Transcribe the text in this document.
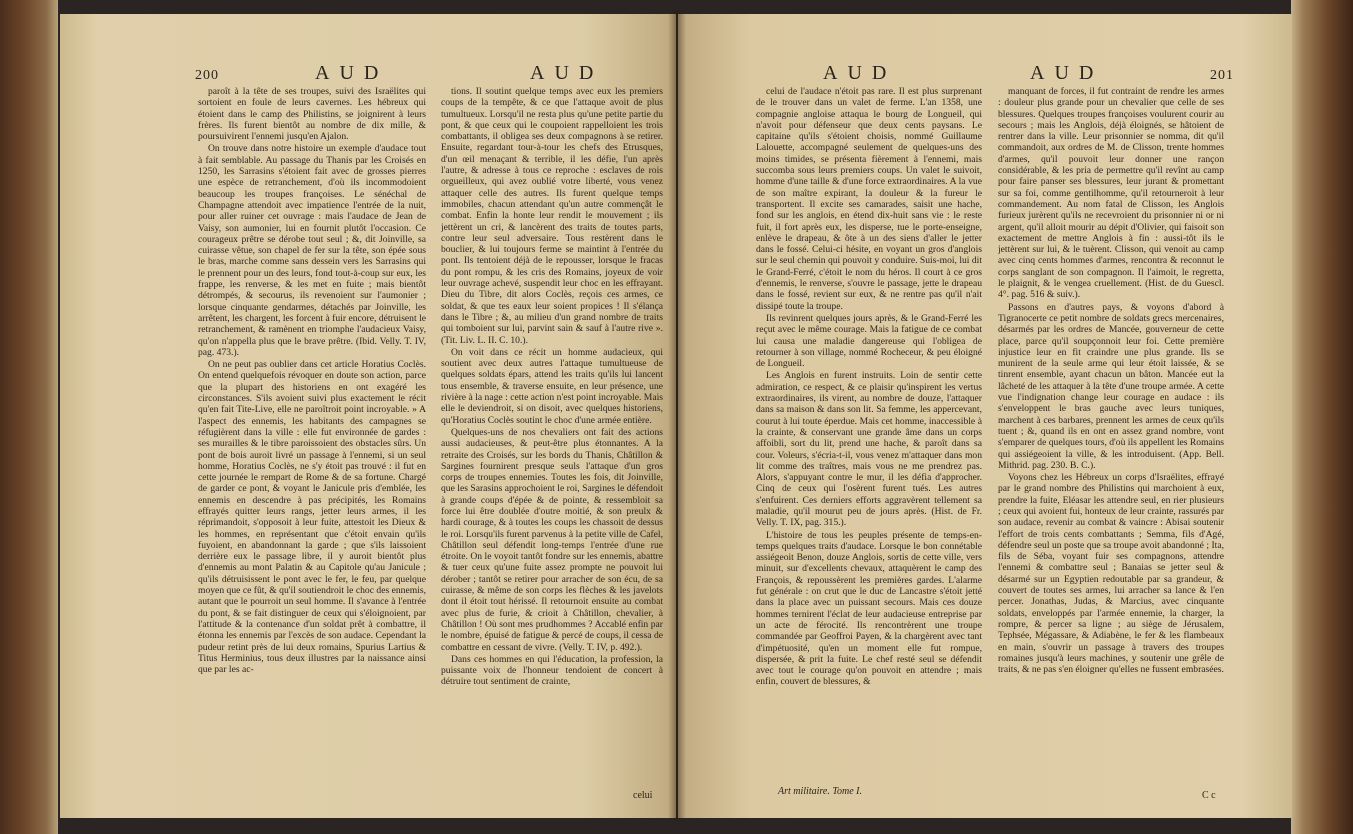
200	AUD	AUD

paroît à la tête de ses troupes, suivi des Israëlites qui sortoient en foule de leurs cavernes. Les hébreux qui étoient dans le camp des Philistins, se joignirent à leurs frères. Ils furent bientôt au nombre de dix mille, & poursuivirent l'ennemi jusqu'en Ajalon.

On trouve dans notre histoire un exemple d'audace tout à fait semblable. Au passage du Thanis par les Croisés en 1250, les Sarrasins s'étoient fait avec de grosses pierres une espèce de retranchement, d'où ils incommodoient beaucoup les troupes françoises. Le sénéchal de Champagne attendoit avec impatience l'entrée de la nuit, pour aller ruiner cet ouvrage : mais l'audace de Jean de Vaisy, son aumonier, lui en fournit plutôt l'occasion. Ce courageux prêtre se dérobe tout seul ; &, dit Joinville, sa cuirasse vêtue, son chapel de fer sur la tête, son épée sous le bras, marche comme sans dessein vers les Sarrasins qui le prennent pour un des leurs, fond tout-à-coup sur eux, les frappe, les renverse, & les met en fuite ; mais bientôt détrompés, & secourus, ils revenoient sur l'aumonier ; lorsque cinquante gendarmes, détachés par Joinville, les arrêtent, les chargent, les forcent à fuir encore, détruisent le retranchement, & ramènent en triomphe l'audacieux Vaisy, qu'on n'appella plus que le brave prêtre. (Ibid. Velly. T. IV, pag. 473.).

On ne peut pas oublier dans cet article Horatius Coclès. On entend quelquefois révoquer en doute son action, parce que la plupart des historiens en ont exagéré les circonstances. S'ils avoient suivi plus exactement le récit qu'en fait Tite-Live, elle ne paroîtroit point incroyable. » A l'aspect des ennemis, les habitants des campagnes se réfugièrent dans la ville : elle fut environnée de gardes : ses murailles & le tibre paroissoient des obstacles sûrs. Un pont de bois auroit livré un passage à l'ennemi, si un seul homme, Horatius Coclès, ne s'y étoit pas trouvé : il fut en cette journée le rempart de Rome & de sa fortune. Chargé de garder ce pont, & voyant le Janicule pris d'emblée, les ennemis en descendre à pas précipités, les Romains effrayés quitter leurs rangs, jetter leurs armes, il les réprimandoit, s'opposoit à leur fuite, attestoit les Dieux & les hommes, en représentant que c'étoit envain qu'ils fuyoient, en abandonnant la garde ; que s'ils laissoient derrière eux le passage libre, il y auroit bientôt plus d'ennemis au mont Palatin & au Capitole qu'au Janicule ; qu'ils détruisissent le pont avec le fer, le feu, par quelque moyen que ce fût, & qu'il soutiendroit le choc des ennemis, autant que le pourroit un seul homme. Il s'avance à l'entrée du pont, & se fait distinguer de ceux qui s'éloignoient, par l'attitude & la contenance d'un soldat prêt à combattre, il étonna les ennemis par l'excès de son audace. Cependant la pudeur retint près de lui deux romains, Spurius Lartius & Titus Herminius, tous deux illustres par la naissance ainsi que par les ac-

tions. Il soutint quelque temps avec eux les premiers coups de la tempête, & ce que l'attaque avoit de plus tumultueux. Lorsqu'il ne resta plus qu'une petite partie du pont, & que ceux qui le coupoient rappelloient les trois combattants, il obligea ses deux compagnons à se retirer. Ensuite, regardant tour-à-tour les chefs des Etrusques, d'un œil menaçant & terrible, il les défie, l'un après l'autre, & adresse à tous ce reproche : esclaves de rois orgueilleux, qui avez oublié votre liberté, vous venez attaquer celle des autres. Ils furent quelque temps immobiles, chacun attendant qu'un autre commençât le combat. Enfin la honte leur rendit le mouvement ; ils jettèrent un cri, & lancèrent des traits de toutes parts, contre leur seul adversaire. Tous restèrent dans le bouclier, & lui toujours ferme se maintint à l'entrée du pont. Ils tentoient déjà de le repousser, lorsque le fracas du pont rompu, & les cris des Romains, joyeux de voir leur ouvrage achevé, suspendit leur choc en les effrayant. Dieu du Tibre, dit alors Coclès, reçois ces armes, ce soldat, & que tes eaux leur soient propices ! Il s'élança dans le Tibre ; &, au milieu d'un grand nombre de traits qui tomboient sur lui, parvint sain & sauf à l'autre rive ». (Tit. Liv. L. II. C. 10.).

On voit dans ce récit un homme audacieux, qui soutient avec deux autres l'attaque tumultueuse de quelques soldats épars, attend les traits qu'ils lui lancent tous ensemble, & traverse ensuite, en leur présence, une rivière à la nage : cette action n'est point incroyable. Mais elle le deviendroit, si on disoit, avec quelques historiens, qu'Horatius Coclès soutint le choc d'une armée entière.

Quelques-uns de nos chevaliers ont fait des actions aussi audacieuses, & peut-être plus étonnantes. A la retraite des Croisés, sur les bords du Thanis, Châtillon & Sargines fournirent presque seuls l'attaque d'un gros corps de troupes ennemies. Toutes les fois, dit Joinville, que les Sarasins approchoient le roi, Sargines le défendoit à grande coups d'épée & de pointe, & ressembloit sa force lui être doublée d'outre moitié, & son preulx & hardi courage, & à toutes les coups les chassoit de dessus le roi. Lorsqu'ils furent parvenus à la petite ville de Cafel, Châtillon seul défendit long-temps l'entrée d'une rue étroite. On le voyoit tantôt fondre sur les ennemis, abattre & tuer ceux qu'une fuite assez prompte ne pouvoit lui dérober ; tantôt se retirer pour arracher de son écu, de sa cuirasse, & même de son corps les flèches & les javelots dont il étoit tout hérissé. Il retournoit ensuite au combat avec plus de furie, & crioit à Châtillon, chevalier, à Châtillon ! Où sont mes prudhommes ? Accablé enfin par le nombre, épuisé de fatigue & percé de coups, il cessa de combattre en cessant de vivre. (Velly. T. IV, p. 492.).

Dans ces hommes en qui l'éducation, la profession, la puissante voix de l'honneur tendoient de concert à détruire tout sentiment de crainte,

celui
AUD	AUD	201

celui de l'audace n'étoit pas rare. Il est plus surprenant de le trouver dans un valet de ferme. L'an 1358, une compagnie angloise attaqua le bourg de Longueil, qui n'avoit pour défenseur que deux cents paysans. Le capitaine qu'ils s'étoient choisis, nommé Guillaume Lalouette, accompagné seulement de quelques-uns des moins timides, se présenta fièrement à l'ennemi, mais succomba sous leurs premiers coups. Un valet le suivoit, homme d'une taille & d'une force extraordinaires. A la vue de son maître expirant, la douleur & la fureur le transportent. Il excite ses camarades, saisit une hache, fond sur les anglois, en étend dix-huit sans vie : le reste fuit, il fort après eux, les disperse, tue le porte-enseigne, enlève le drapeau, & ôte à un des siens d'aller le jetter dans le fossé. Celui-ci hésite, en voyant un gros d'anglois sur le seul chemin qui pouvoit y conduire. Suis-moi, lui dit le Grand-Ferré, c'étoit le nom du héros. Il court à ce gros d'ennemis, le renverse, s'ouvre le passage, jette le drapeau dans le fossé, revient sur eux, & ne rentre pas qu'il n'ait dissipé toute la troupe.

Ils revinrent quelques jours après, & le Grand-Ferré les reçut avec le même courage. Mais la fatigue de ce combat lui causa une maladie dangereuse qui l'obligea de retourner à son village, nommé Rocheceur, & peu éloigné de Longueil.

Les Anglois en furent instruits. Loin de sentir cette admiration, ce respect, & ce plaisir qu'inspirent les vertus extraordinaires, ils virent, au nombre de douze, l'attaquer dans sa maison & dans son lit. Sa femme, les appercevant, courut à lui toute éperdue. Mais cet homme, inaccessible à la crainte, & conservant une grande âme dans un corps affoibli, sort du lit, prend une hache, & paroît dans sa cour. Voleurs, s'écria-t-il, vous venez m'attaquer dans mon lit comme des traîtres, mais vous ne me prendrez pas. Alors, s'appuyant contre le mur, il les défia d'approcher. Cinq de ceux qui l'osèrent furent tués. Les autres s'enfuirent. Ces derniers efforts aggravèrent tellement sa maladie, qu'il mourut peu de jours après. (Hist. de Fr. Velly. T. IX, pag. 315.).

L'histoire de tous les peuples présente de temps-en-temps quelques traits d'audace. Lorsque le bon connétable assiégeoit Benon, douze Anglois, sortis de cette ville, vers minuit, sur d'excellents chevaux, attaquèrent le camp des François, & repoussèrent les premières gardes. L'alarme fut générale : on crut que le duc de Lancastre s'étoit jetté dans la place avec un puissant secours. Mais ces douze hommes ternirent l'éclat de leur audacieuse entreprise par un acte de férocité. Ils rencontrèrent une troupe commandée par Geoffroi Payen, & la chargèrent avec tant d'impétuosité, qu'en un moment elle fut rompue, dispersée, & prit la fuite. Le chef resté seul se défendit avec tout le courage qu'on pouvoit en attendre ; mais enfin, couvert de blessures, &

manquant de forces, il fut contraint de rendre les armes : douleur plus grande pour un chevalier que celle de ses blessures. Quelques troupes françoises voulurent courir au secours ; mais les Anglois, déjà éloignés, se hâtoient de rentrer dans la ville. Leur prisonnier se nomma, dit qu'il commandoit, aux ordres de M. de Clisson, trente hommes d'armes, qu'il pouvoit leur donner une rançon considérable, & les pria de permettre qu'il revînt au camp pour faire panser ses blessures, leur jurant & promettant sur sa foi, comme gentilhomme, qu'il retourneroit à leur commandement. Au nom fatal de Clisson, les Anglois furieux jurèrent qu'ils ne recevroient du prisonnier ni or ni argent, qu'il alloit mourir au dépit d'Olivier, qui faisoit son exactement de mettre Anglois à fin : aussi-tôt ils le jettèrent sur lui, & le tuèrent. Clisson, qui venoit au camp avec cinq cents hommes d'armes, rencontra & reconnut le corps sanglant de son compagnon. Il l'aimoit, le regretta, le plaignit, & le vengea cruellement. (Hist. de du Guescl. 4°. pag. 516 & suiv.).

Passons en d'autres pays, & voyons d'abord à Tigranocerte ce petit nombre de soldats grecs mercenaires, désarmés par les ordres de Mancée, gouverneur de cette place, parce qu'il soupçonnoit leur foi. Cette première injustice leur en fit craindre une plus grande. Ils se munirent de la seule arme qui leur étoit laissée, & se tinrent ensemble, ayant chacun un bâton. Mancée eut la lâcheté de les attaquer à la tête d'une troupe armée. A cette vue l'indignation change leur courage en audace : ils s'enveloppent le bras gauche avec leurs tuniques, marchent à ces barbares, prennent les armes de ceux qu'ils tuent ; &, quand ils en ont en assez grand nombre, vont s'emparer de quelques tours, d'où ils appellent les Romains qui assiégeoient la ville, & les introduisent. (App. Bell. Mithrid. pag. 230. B. C.).

Voyons chez les Hébreux un corps d'Israëlites, effrayé par le grand nombre des Philistins qui marchoient à eux, prendre la fuite, Eléasar les attendre seul, en rier plusieurs ; ceux qui avoient fui, honteux de leur crainte, rassurés par son audace, revenir au combat & vaincre : Abisai soutenir l'effort de trois cents combattants ; Semma, fils d'Agé, défendre seul un poste que sa troupe avoit abandonné ; Ita, fils de Séba, voyant fuir ses compagnons, attendre l'ennemi & combattre seul ; Banaias se jetter seul & désarmé sur un Egyptien redoutable par sa grandeur, & couvert de toutes ses armes, lui arracher sa lance & l'en percer. Jonathas, Judas, & Marcius, avec cinquante soldats, enveloppés par l'armée ennemie, la charger, la rompre, & percer sa ligne ; au siège de Jérusalem, Tephsée, Mégassare, & Adiabène, le fer & les flambeaux en main, s'ouvrir un passage à travers des troupes romaines jusqu'à leurs machines, y soutenir une grêle de traits, & ne pas s'en éloigner qu'elles ne fussent embrasées.

Art militaire. Tome I.	C c
